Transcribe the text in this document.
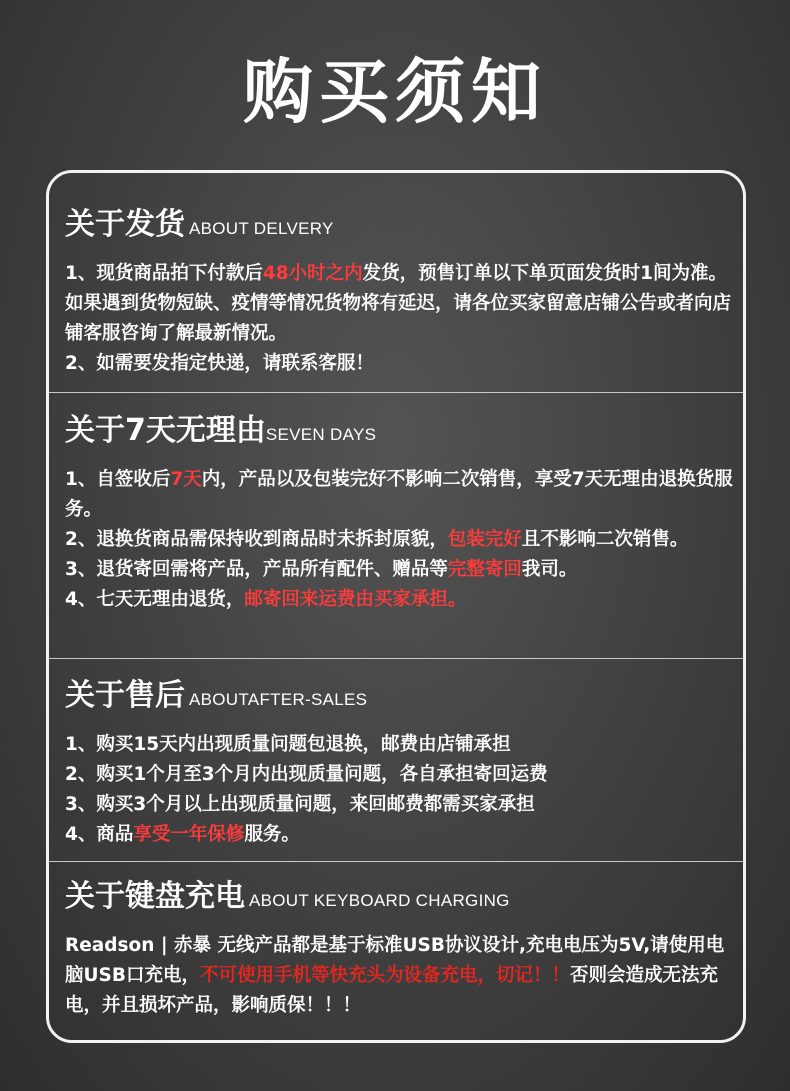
购买须知
关于发货 ABOUT DELVERY

1、现货商品拍下付款后48小时之内发货，预售订单以下单页面发货时1间为准。如果遇到货物短缺、疫情等情况货物将有延迟，请各位买家留意店铺公告或者向店铺客服咨询了解最新情况。

2、如需要发指定快递，请联系客服！

关于7天无理由SEVEN DAYS

1、自签收后7天内，产品以及包装完好不影响二次销售，享受7天无理由退换货服务。

2、退换货商品需保持收到商品时未拆封原貌，包装完好且不影响二次销售。

3、退货寄回需将产品，产品所有配件、赠品等完整寄回我司。

4、七天无理由退货，邮寄回来运费由买家承担。

关于售后 ABOUTAFTER-SALES

1、购买15天内出现质量问题包退换，邮费由店铺承担

2、购买1个月至3个月内出现质量问题，各自承担寄回运费

3、购买3个月以上出现质量问题，来回邮费都需买家承担

4、商品享受一年保修服务。

关于键盘充电 ABOUT KEYBOARD CHARGING

Readson | 赤暴 无线产品都是基于标准USB协议设计,充电电压为5V,请使用电脑USB口充电，不可使用手机等快充头为设备充电，切记！！否则会造成无法充电，并且损坏产品，影响质保！！！
